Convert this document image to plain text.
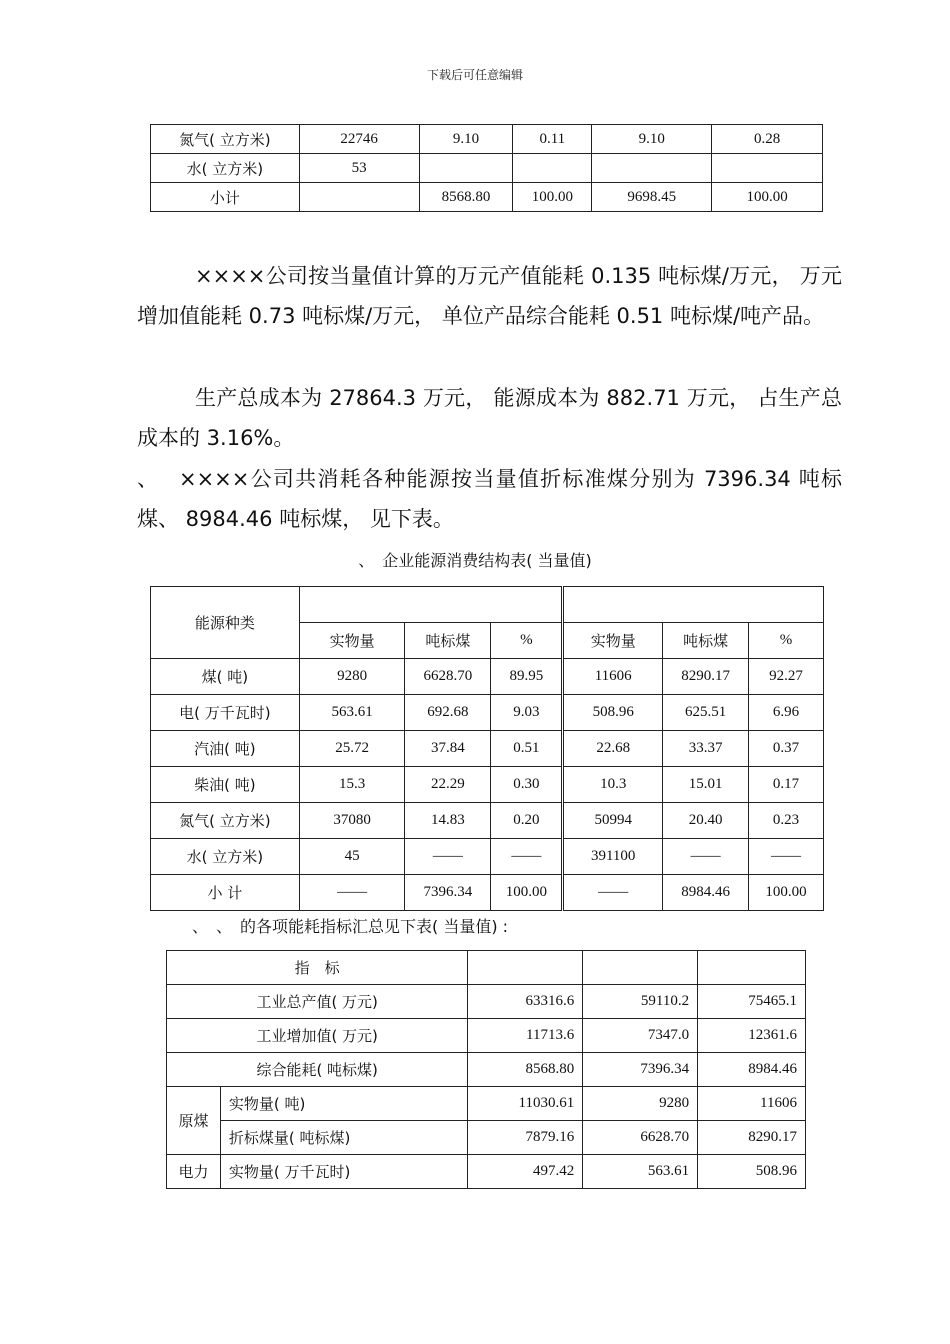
下载后可任意编辑
氮气( 立方米)	22746	9.10	0.11	9.10	0.28
水( 立方米)	53				
小计		8568.80	100.00	9698.45	100.00
××××公司按当量值计算的万元产值能耗 0.135 吨标煤/万元， 万元增加值能耗 0.73 吨标煤/万元， 单位产品综合能耗 0.51 吨标煤/吨产品。
生产总成本为 27864.3 万元， 能源成本为 882.71 万元， 占生产总成本的 3.16%。
、　 ××××公司共消耗各种能源按当量值折标准煤分别为 7396.34 吨标煤、 8984.46 吨标煤， 见下表。
、　企业能源消费结构表( 当量值)
能源种类						
	实物量	吨标煤	%	实物量	吨标煤	%
煤( 吨)	9280	6628.70	89.95	11606	8290.17	92.27
电( 万千瓦时)	563.61	692.68	9.03	508.96	625.51	6.96
汽油( 吨)	25.72	37.84	0.51	22.68	33.37	0.37
柴油( 吨)	15.3	22.29	0.30	10.3	15.01	0.17
氮气( 立方米)	37080	14.83	0.20	50994	20.40	0.23
水( 立方米)	45	——	——	391100	——	——
小 计	——	7396.34	100.00	——	8984.46	100.00
、　、　的各项能耗指标汇总见下表( 当量值) :
指　标				
工业总产值( 万元)		63316.6	59110.2	75465.1
工业增加值( 万元)		11713.6	7347.0	12361.6
综合能耗( 吨标煤)		8568.80	7396.34	8984.46
原煤	实物量( 吨)	11030.61	9280	11606
	折标煤量( 吨标煤)	7879.16	6628.70	8290.17
电力	实物量( 万千瓦时)	497.42	563.61	508.96
